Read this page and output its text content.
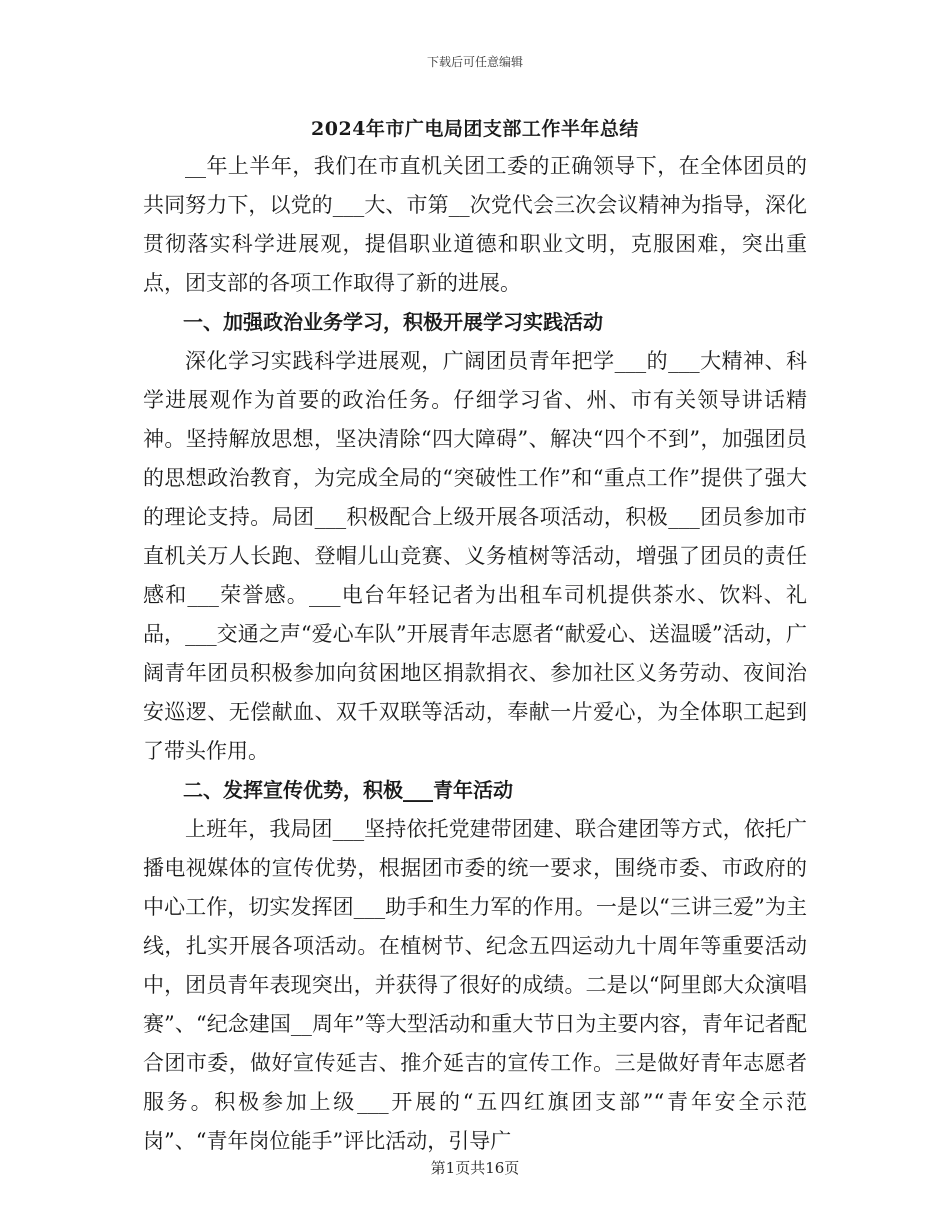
下载后可任意编辑
2024年市广电局团支部工作半年总结

__年上半年，我们在市直机关团工委的正确领导下，在全体团员的共同努力下，以党的___大、市第__次党代会三次会议精神为指导，深化贯彻落实科学进展观，提倡职业道德和职业文明，克服困难，突出重点，团支部的各项工作取得了新的进展。

一、加强政治业务学习，积极开展学习实践活动

深化学习实践科学进展观，广阔团员青年把学___的___大精神、科学进展观作为首要的政治任务。仔细学习省、州、市有关领导讲话精神。坚持解放思想，坚决清除“四大障碍”、解决“四个不到”，加强团员的思想政治教育，为完成全局的“突破性工作”和“重点工作”提供了强大的理论支持。局团___积极配合上级开展各项活动，积极___团员参加市直机关万人长跑、登帽儿山竞赛、义务植树等活动，增强了团员的责任感和___荣誉感。___电台年轻记者为出租车司机提供茶水、饮料、礼品，___交通之声“爱心车队”开展青年志愿者“献爱心、送温暖”活动，广阔青年团员积极参加向贫困地区捐款捐衣、参加社区义务劳动、夜间治安巡逻、无偿献血、双千双联等活动，奉献一片爱心，为全体职工起到了带头作用。

二、发挥宣传优势，积极___青年活动

上班年，我局团___坚持依托党建带团建、联合建团等方式，依托广播电视媒体的宣传优势，根据团市委的统一要求，围绕市委、市政府的中心工作，切实发挥团___助手和生力军的作用。一是以“三讲三爱”为主线，扎实开展各项活动。在植树节、纪念五四运动九十周年等重要活动中，团员青年表现突出，并获得了很好的成绩。二是以“阿里郎大众演唱赛”、“纪念建国__周年”等大型活动和重大节日为主要内容，青年记者配合团市委，做好宣传延吉、推介延吉的宣传工作。三是做好青年志愿者服务。积极参加上级___开展的“五四红旗团支部”“青年安全示范岗”、“青年岗位能手”评比活动，引导广

第1页共16页
